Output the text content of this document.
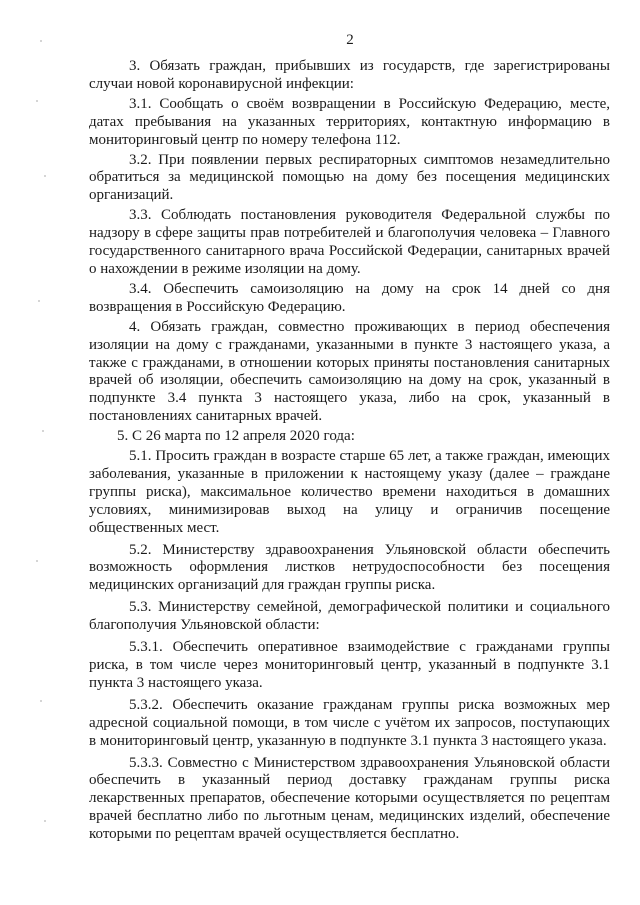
2

3. Обязать граждан, прибывших из государств, где зарегистрированы случаи новой коронавирусной инфекции:

3.1. Сообщать о своём возвращении в Российскую Федерацию, месте, датах пребывания на указанных территориях, контактную информацию в мониторинговый центр по номеру телефона 112.

3.2. При появлении первых респираторных симптомов незамедлительно обратиться за медицинской помощью на дому без посещения медицинских организаций.

3.3. Соблюдать постановления руководителя Федеральной службы по надзору в сфере защиты прав потребителей и благополучия человека – Главного государственного санитарного врача Российской Федерации, санитарных врачей о нахождении в режиме изоляции на дому.

3.4. Обеспечить самоизоляцию на дому на срок 14 дней со дня возвращения в Российскую Федерацию.

4. Обязать граждан, совместно проживающих в период обеспечения изоляции на дому с гражданами, указанными в пункте 3 настоящего указа, а также с гражданами, в отношении которых приняты постановления санитарных врачей об изоляции, обеспечить самоизоляцию на дому на срок, указанный в подпункте 3.4 пункта 3 настоящего указа, либо на срок, указанный в постановлениях санитарных врачей.

5. С 26 марта по 12 апреля 2020 года:

5.1. Просить граждан в возрасте старше 65 лет, а также граждан, имеющих заболевания, указанные в приложении к настоящему указу (далее – граждане группы риска), максимальное количество времени находиться в домашних условиях, минимизировав выход на улицу и ограничив посещение общественных мест.

5.2. Министерству здравоохранения Ульяновской области обеспечить возможность оформления листков нетрудоспособности без посещения медицинских организаций для граждан группы риска.

5.3. Министерству семейной, демографической политики и социального благополучия Ульяновской области:

5.3.1. Обеспечить оперативное взаимодействие с гражданами группы риска, в том числе через мониторинговый центр, указанный в подпункте 3.1 пункта 3 настоящего указа.

5.3.2. Обеспечить оказание гражданам группы риска возможных мер адресной социальной помощи, в том числе с учётом их запросов, поступающих в мониторинговый центр, указанную в подпункте 3.1 пункта 3 настоящего указа.

5.3.3. Совместно с Министерством здравоохранения Ульяновской области обеспечить в указанный период доставку гражданам группы риска лекарственных препаратов, обеспечение которыми осуществляется по рецептам врачей бесплатно либо по льготным ценам, медицинских изделий, обеспечение которыми по рецептам врачей осуществляется бесплатно.
